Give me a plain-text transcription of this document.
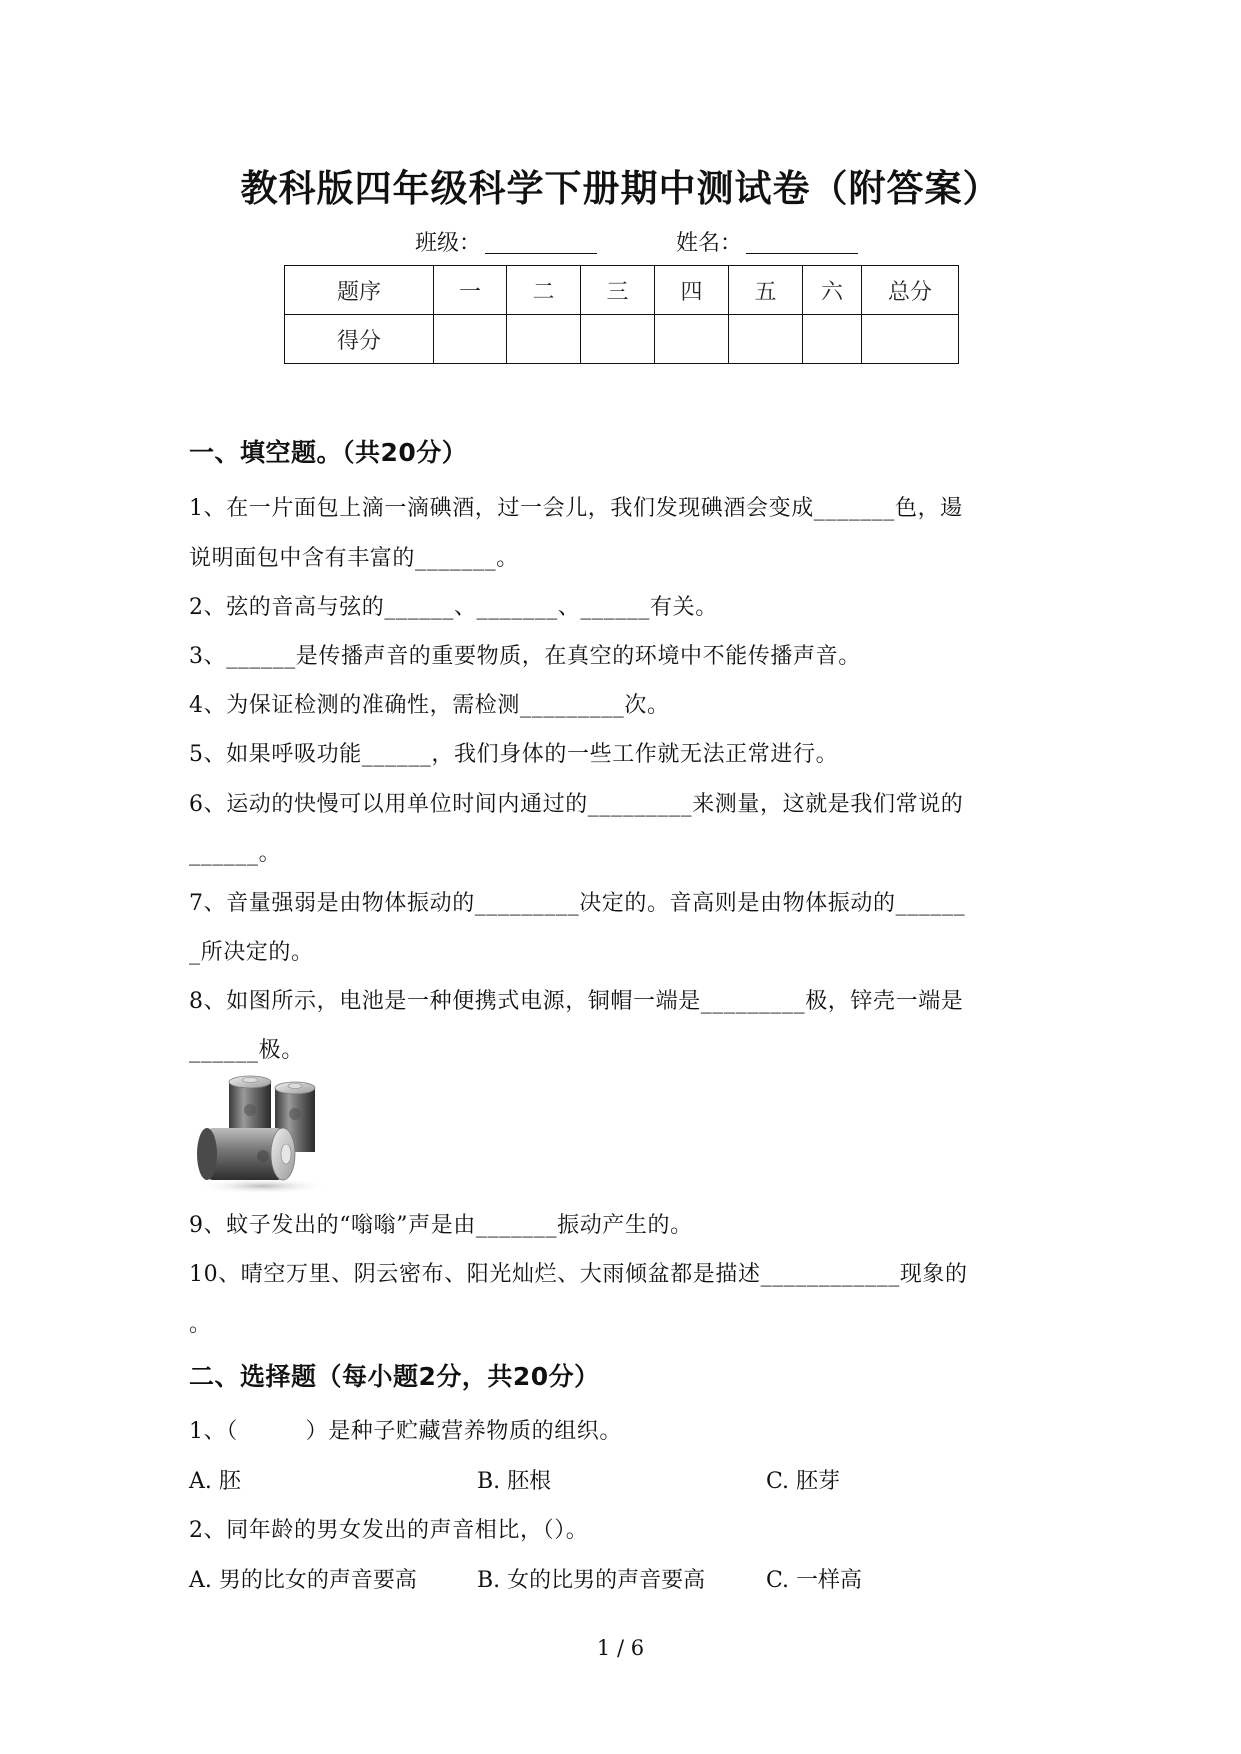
教科版四年级科学下册期中测试卷（附答案）
班级：	姓名：
题序	一	二	三	四	五	六	总分
得分							
一、填空题。（共20分）
1、在一片面包上滴一滴碘酒，过一会儿，我们发现碘酒会变成_______色，逿
说明面包中含有丰富的_______。
2、弦的音高与弦的______、_______、______有关。
3、______是传播声音的重要物质，在真空的环境中不能传播声音。
4、为保证检测的准确性，需检测_________次。
5、如果呼吸功能______，我们身体的一些工作就无法正常进行。
6、运动的快慢可以用单位时间内通过的_________来测量，这就是我们常说的
______。
7、音量强弱是由物体振动的_________决定的。音高则是由物体振动的______
_所决定的。
8、如图所示，电池是一种便携式电源，铜帽一端是_________极，锌壳一端是
______极。
9、蚊子发出的“嗡嗡”声是由_______振动产生的。
10、晴空万里、阴云密布、阳光灿烂、大雨倾盆都是描述____________现象的
。
二、选择题（每小题2分，共20分）
1、（　　　）是种子贮藏营养物质的组织。
A. 胚	B. 胚根	C. 胚芽
2、同年龄的男女发出的声音相比，（）。
A. 男的比女的声音要高	B. 女的比男的声音要高	C. 一样高
1 / 6
